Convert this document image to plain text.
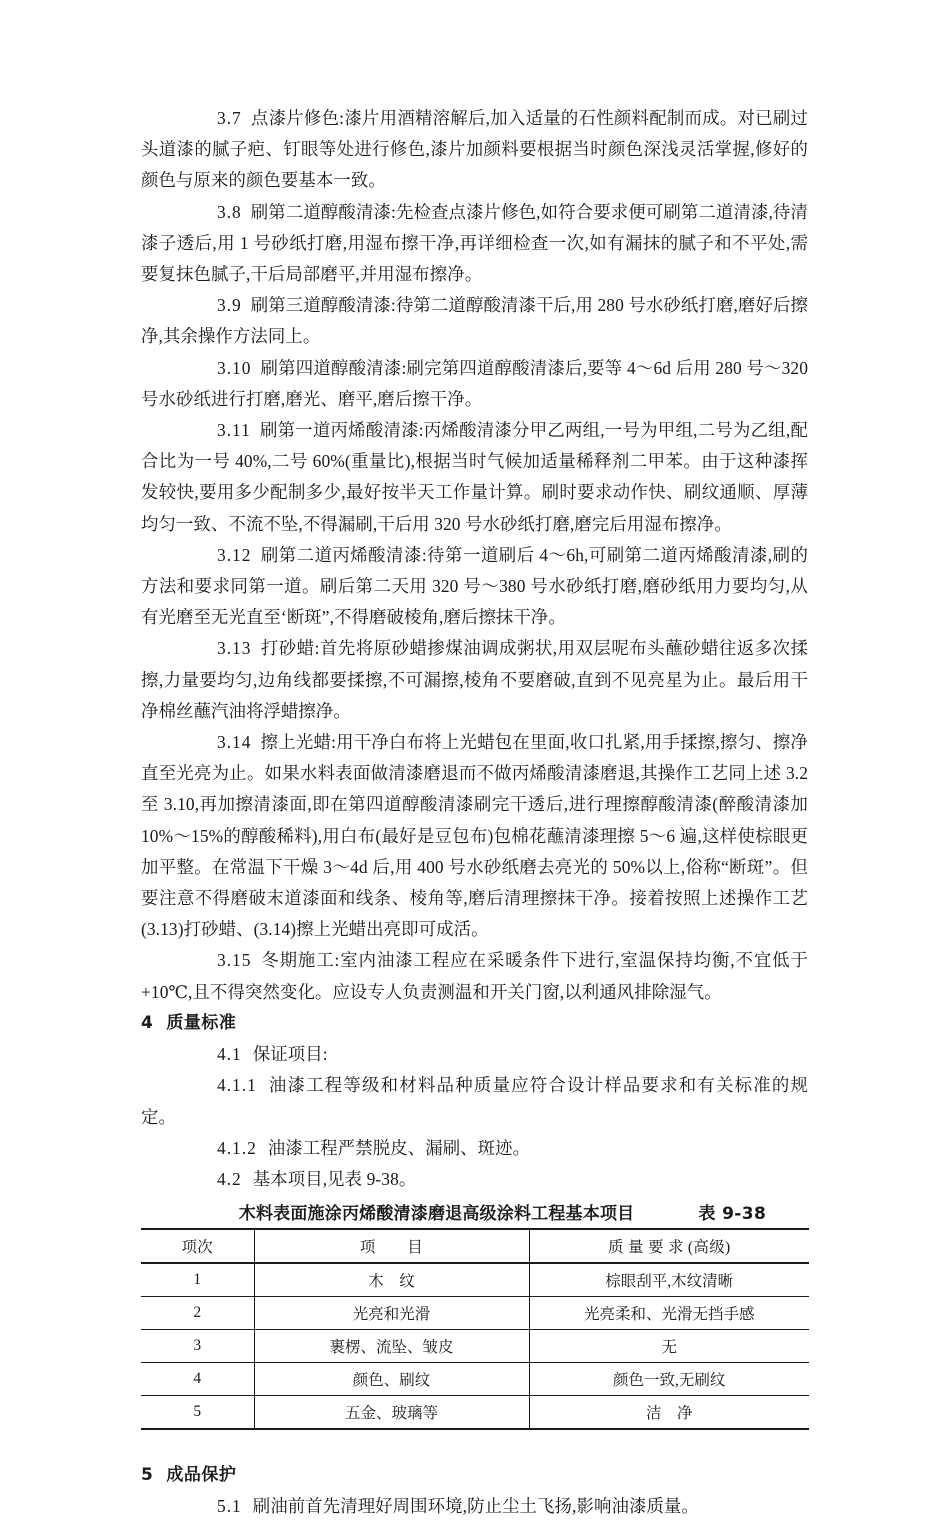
3.7 点漆片修色:漆片用酒精溶解后,加入适量的石性颜料配制而成。对已刷过头道漆的腻子疤、钉眼等处进行修色,漆片加颜料要根据当时颜色深浅灵活掌握,修好的颜色与原来的颜色要基本一致。

3.8 刷第二道醇酸清漆:先检查点漆片修色,如符合要求便可刷第二道清漆,待清漆子透后,用 1 号砂纸打磨,用湿布擦干净,再详细检查一次,如有漏抹的腻子和不平处,需要复抹色腻子,干后局部磨平,并用湿布擦净。

3.9 刷第三道醇酸清漆:待第二道醇酸清漆干后,用 280 号水砂纸打磨,磨好后擦净,其余操作方法同上。

3.10 刷第四道醇酸清漆:刷完第四道醇酸清漆后,要等 4〜6d 后用 280 号〜320 号水砂纸进行打磨,磨光、磨平,磨后擦干净。

3.11 刷第一道丙烯酸清漆:丙烯酸清漆分甲乙两组,一号为甲组,二号为乙组,配合比为一号 40%,二号 60%(重量比),根据当时气候加适量稀释剂二甲苯。由于这种漆挥发较快,要用多少配制多少,最好按半天工作量计算。刷时要求动作快、刷纹通顺、厚薄均匀一致、不流不坠,不得漏刷,干后用 320 号水砂纸打磨,磨完后用湿布擦净。

3.12 刷第二道丙烯酸清漆:待第一道刷后 4〜6h,可刷第二道丙烯酸清漆,刷的方法和要求同第一道。刷后第二天用 320 号〜380 号水砂纸打磨,磨砂纸用力要均匀,从有光磨至无光直至‘断斑”,不得磨破棱角,磨后擦抹干净。

3.13 打砂蜡:首先将原砂蜡掺煤油调成粥状,用双层呢布头蘸砂蜡往返多次揉擦,力量要均匀,边角线都要揉擦,不可漏擦,棱角不要磨破,直到不见亮星为止。最后用干净棉丝蘸汽油将浮蜡擦净。

3.14 擦上光蜡:用干净白布将上光蜡包在里面,收口扎紧,用手揉擦,擦匀、擦净直至光亮为止。如果水料表面做清漆磨退而不做丙烯酸清漆磨退,其操作工艺同上述 3.2 至 3.10,再加擦清漆面,即在第四道醇酸清漆刷完干透后,进行理擦醇酸清漆(醉酸清漆加 10%〜15%的醇酸稀料),用白布(最好是豆包布)包棉花蘸清漆理擦 5〜6 遍,这样使棕眼更加平整。在常温下干燥 3〜4d 后,用 400 号水砂纸磨去亮光的 50%以上,俗称“断斑”。但要注意不得磨破末道漆面和线条、棱角等,磨后清理擦抹干净。接着按照上述操作工艺(3.13)打砂蜡、(3.14)擦上光蜡出亮即可成活。

3.15 冬期施工:室内油漆工程应在采暖条件下进行,室温保持均衡,不宜低于+10℃,且不得突然变化。应设专人负责测温和开关门窗,以利通风排除湿气。

4 质量标准

4.1 保证项目:

4.1.1 油漆工程等级和材料品种质量应符合设计样品要求和有关标准的规定。

4.1.2 油漆工程严禁脱皮、漏刷、斑迹。

4.2 基本项目,见表 9-38。

木料表面施涂丙烯酸清漆磨退高级涂料工程基本项目	表 9-38
项次	项　　目	质 量 要 求 (高级)
1	木　纹	棕眼刮平,木纹清晰
2	光亮和光滑	光亮柔和、光滑无挡手感
3	裹楞、流坠、皱皮	无
4	颜色、刷纹	颜色一致,无刷纹
5	五金、玻璃等	洁　净
5 成品保护

5.1 刷油前首先清理好周围环境,防止尘土飞扬,影响油漆质量。
